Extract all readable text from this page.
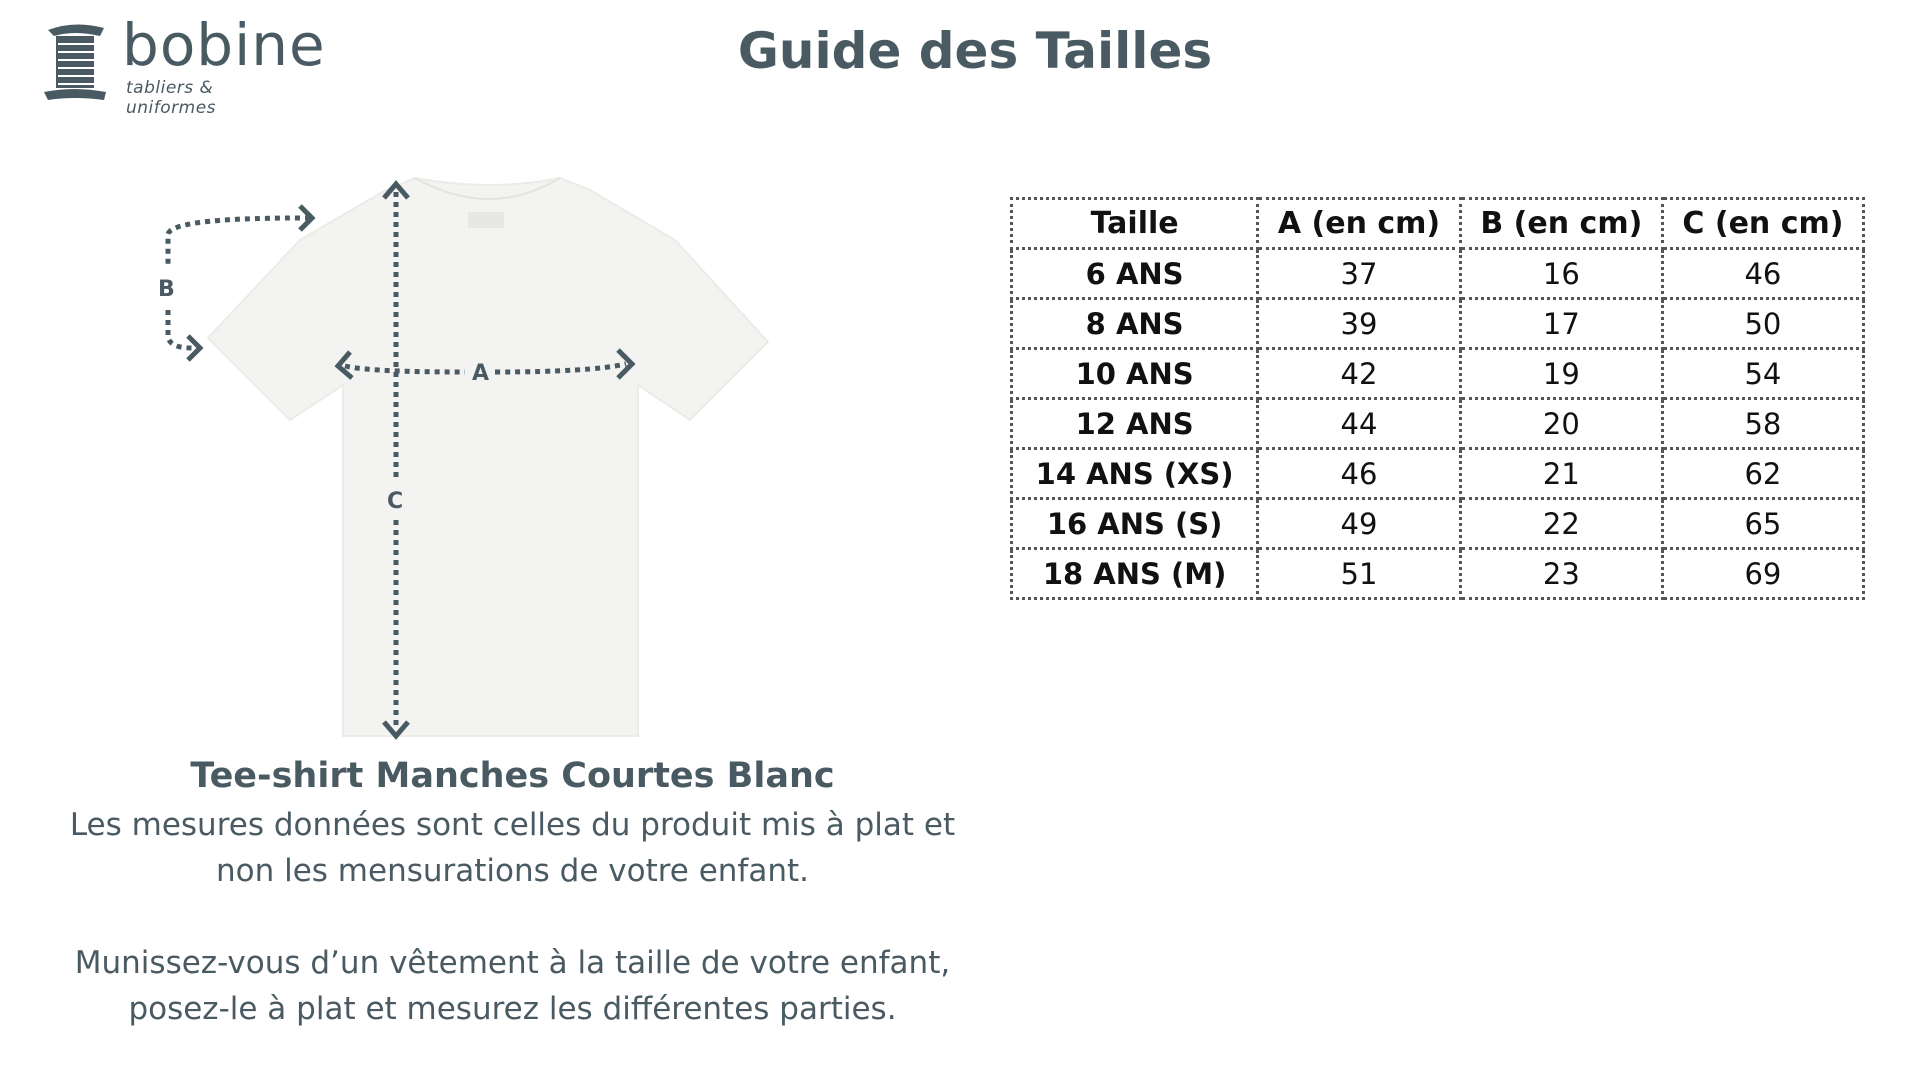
bobine
tabliers & uniformes
Guide des Tailles
B
A
C
Tee-shirt Manches Courtes Blanc

Les mesures données sont celles du produit mis à plat et

non les mensurations de votre enfant.

Munissez-vous d’un vêtement à la taille de votre enfant,

posez-le à plat et mesurez les différentes parties.

Taille	A (en cm)	B (en cm)	C (en cm)
6 ANS	37	16	46
8 ANS	39	17	50
10 ANS	42	19	54
12 ANS	44	20	58
14 ANS (XS)	46	21	62
16 ANS (S)	49	22	65
18 ANS (M)	51	23	69
